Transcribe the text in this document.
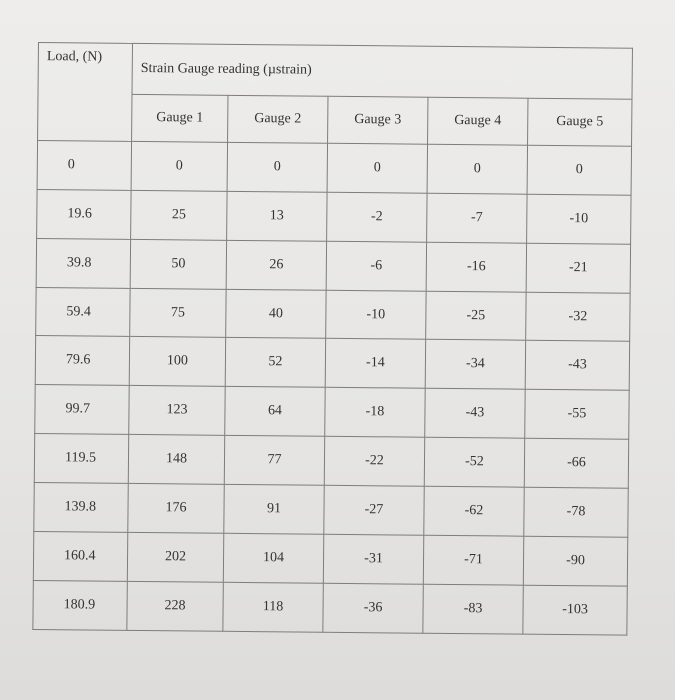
Load, (N)	Strain Gauge reading (µstrain)				
	Gauge 1	Gauge 2	Gauge 3	Gauge 4	Gauge 5
0	0	0	0	0	0
19.6	25	13	-2	-7	-10
39.8	50	26	-6	-16	-21
59.4	75	40	-10	-25	-32
79.6	100	52	-14	-34	-43
99.7	123	64	-18	-43	-55
119.5	148	77	-22	-52	-66
139.8	176	91	-27	-62	-78
160.4	202	104	-31	-71	-90
180.9	228	118	-36	-83	-103
